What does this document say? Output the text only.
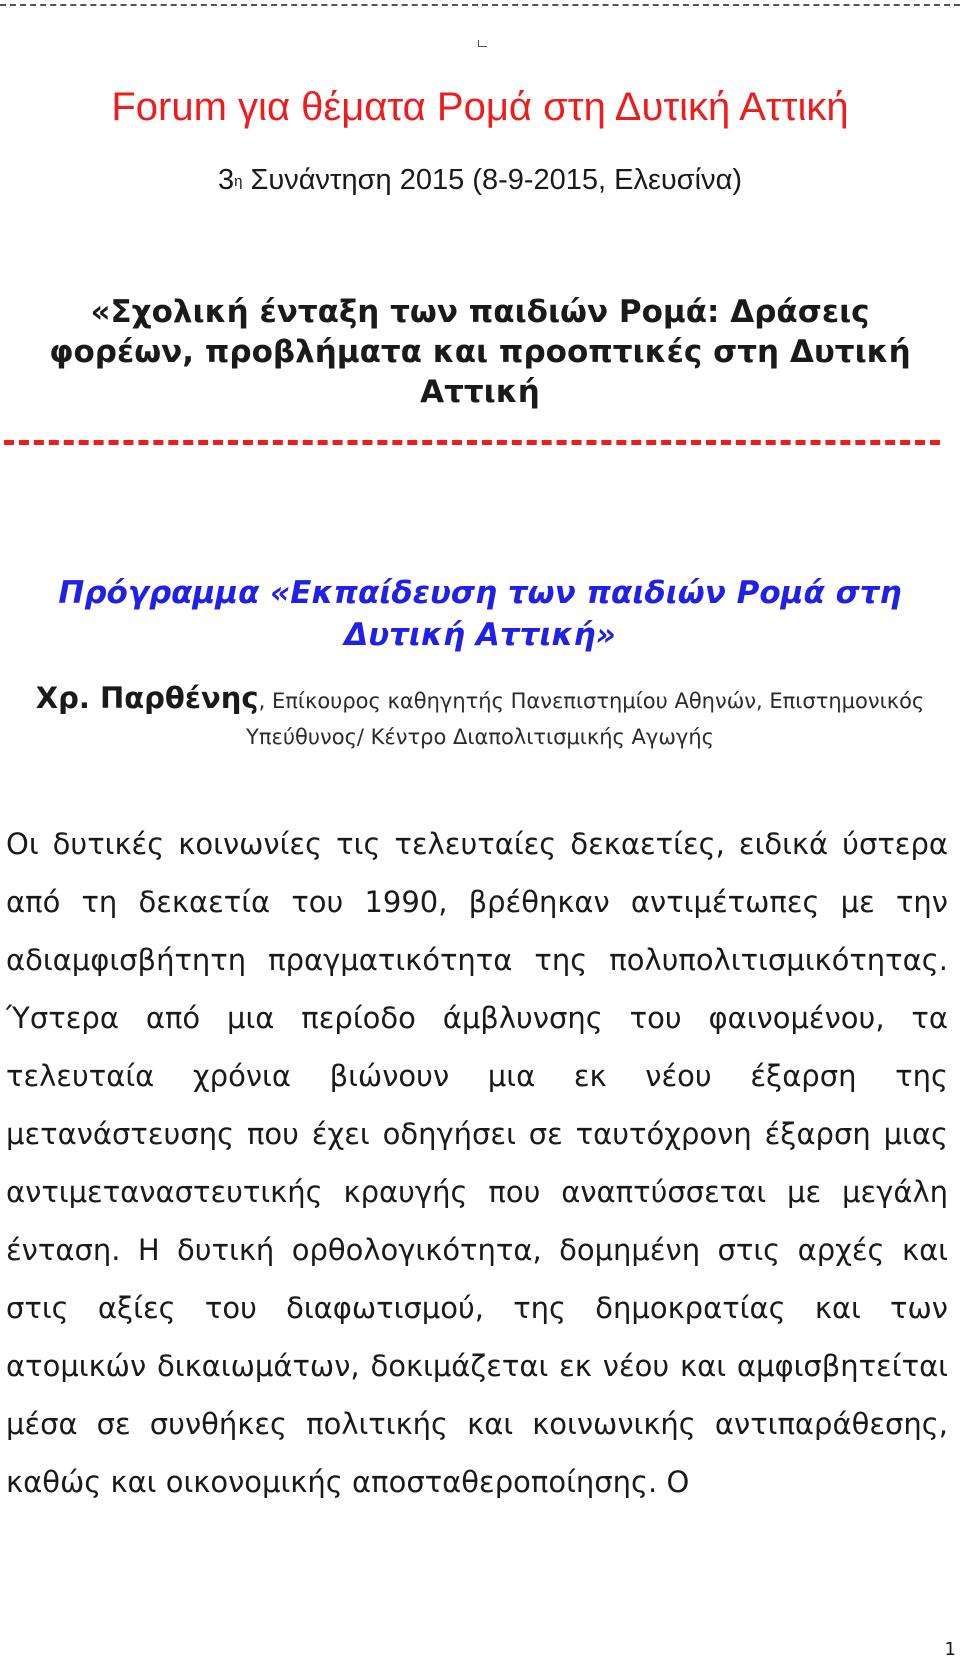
Forum για θέματα Ρομά στη Δυτική Αττική

$3^\eta$ Συνάντηση 2015 (8-9-2015, Ελευσίνα)

«Σχολική ένταξη των παιδιών Ρομά: Δράσεις φορέων, προβλήματα και προοπτικές στη Δυτική Αττική
Πρόγραμμα «Εκπαίδευση των παιδιών Ρομά στη Δυτική Αττική»
Χρ. Παρθένης, Επίκουρος καθηγητής Πανεπιστημίου Αθηνών, Επιστημονικός Υπεύθυνος/ Κέντρο Διαπολιτισμικής Αγωγής

Οι δυτικές κοινωνίες τις τελευταίες δεκαετίες, ειδικά ύστερα από τη δεκαετία του 1990, βρέθηκαν αντιμέτωπες με την αδιαμφισβήτητη πραγματικότητα της πολυπολιτισμικότητας. Ύστερα από μια περίοδο άμβλυνσης του φαινομένου, τα τελευταία χρόνια βιώνουν μια εκ νέου έξαρση της μετανάστευσης που έχει οδηγήσει σε ταυτόχρονη έξαρση μιας αντιμεταναστευτικής κραυγής που αναπτύσσεται με μεγάλη ένταση. Η δυτική ορθολογικότητα, δομημένη στις αρχές και στις αξίες του διαφωτισμού, της δημοκρατίας και των ατομικών δικαιωμάτων, δοκιμάζεται εκ νέου και αμφισβητείται μέσα σε συνθήκες πολιτικής και κοινωνικής αντιπαράθεσης, καθώς και οικονομικής αποσταθεροποίησης. Ο

1
